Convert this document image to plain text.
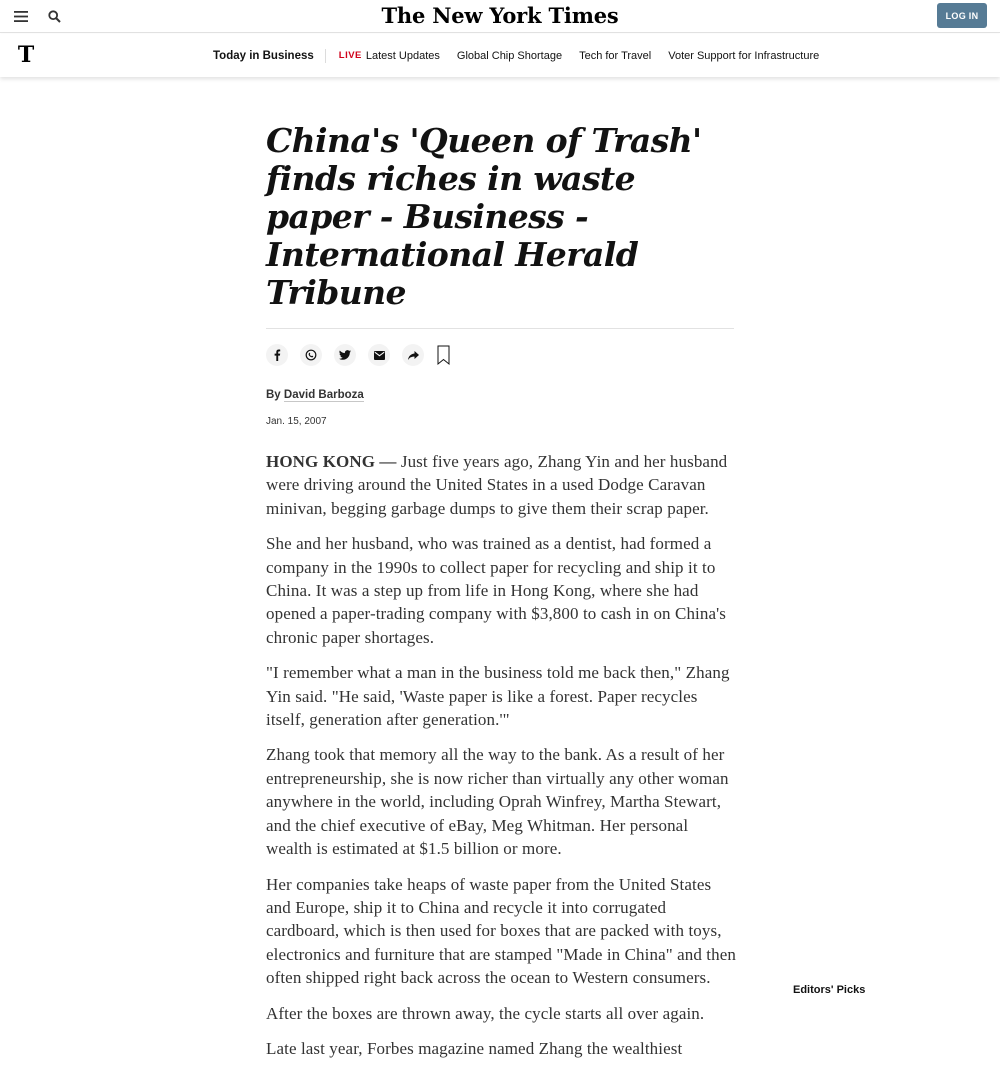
The New York Times	LOG IN
T	Today in Business	LIVE Latest Updates Global Chip Shortage Tech for Travel Voter Support for Infrastructure
China's 'Queen of Trash' finds riches in waste paper - Business - International Herald Tribune
By David Barboza
Jan. 15, 2007

HONG KONG — Just five years ago, Zhang Yin and her husband were driving around the United States in a used Dodge Caravan minivan, begging garbage dumps to give them their scrap paper.

She and her husband, who was trained as a dentist, had formed a company in the 1990s to collect paper for recycling and ship it to China. It was a step up from life in Hong Kong, where she had opened a paper-trading company with $3,800 to cash in on China's chronic paper shortages.

"I remember what a man in the business told me back then," Zhang Yin said. "He said, 'Waste paper is like a forest. Paper recycles itself, generation after generation.'"

Zhang took that memory all the way to the bank. As a result of her entrepreneurship, she is now richer than virtually any other woman anywhere in the world, including Oprah Winfrey, Martha Stewart, and the chief executive of eBay, Meg Whitman. Her personal wealth is estimated at $1.5 billion or more.

Her companies take heaps of waste paper from the United States and Europe, ship it to China and recycle it into corrugated cardboard, which is then used for boxes that are packed with toys, electronics and furniture that are stamped "Made in China" and then often shipped right back across the ocean to Western consumers.

After the boxes are thrown away, the cycle starts all over again.

Late last year, Forbes magazine named Zhang the wealthiest

Editors' Picks
